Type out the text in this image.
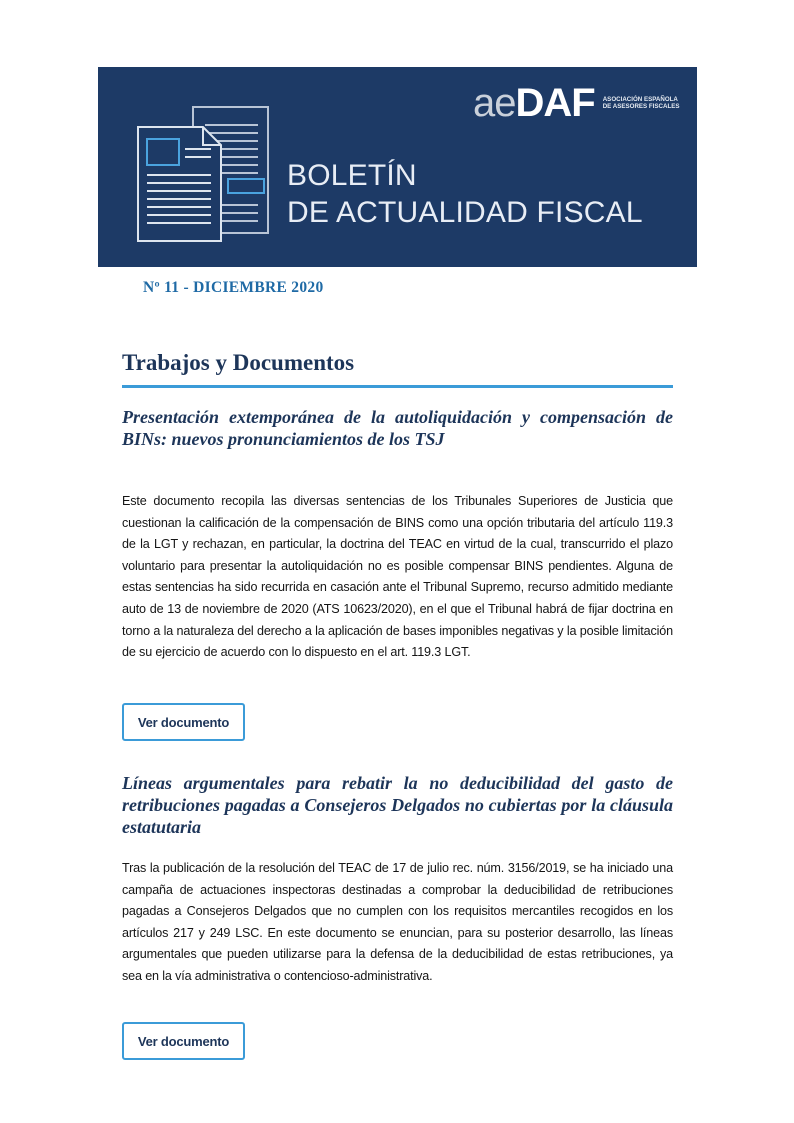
aeDAF ASOCIACIÓN ESPAÑOLA DE ASESORES FISCALES
BOLETÍN
DE ACTUALIDAD FISCAL
Nº 11 - DICIEMBRE 2020
Trabajos y Documentos
Presentación extemporánea de la autoliquidación y compensación de BINs: nuevos pronunciamientos de los TSJ
Este documento recopila las diversas sentencias de los Tribunales Superiores de Justicia que cuestionan la calificación de la compensación de BINS como una opción tributaria del artículo 119.3 de la LGT y rechazan, en particular, la doctrina del TEAC en virtud de la cual, transcurrido el plazo voluntario para presentar la autoliquidación no es posible compensar BINS pendientes. Alguna de estas sentencias ha sido recurrida en casación ante el Tribunal Supremo, recurso admitido mediante auto de 13 de noviembre de 2020 (ATS 10623/2020), en el que el Tribunal habrá de fijar doctrina en torno a la naturaleza del derecho a la aplicación de bases imponibles negativas y la posible limitación de su ejercicio de acuerdo con lo dispuesto en el art. 119.3 LGT.
Ver documento
Líneas argumentales para rebatir la no deducibilidad del gasto de retribuciones pagadas a Consejeros Delgados no cubiertas por la cláusula estatutaria
Tras la publicación de la resolución del TEAC de 17 de julio rec. núm. 3156/2019, se ha iniciado una campaña de actuaciones inspectoras destinadas a comprobar la deducibilidad de retribuciones pagadas a Consejeros Delgados que no cumplen con los requisitos mercantiles recogidos en los artículos 217 y 249 LSC. En este documento se enuncian, para su posterior desarrollo, las líneas argumentales que pueden utilizarse para la defensa de la deducibilidad de estas retribuciones, ya sea en la vía administrativa o contencioso-administrativa.
Ver documento
